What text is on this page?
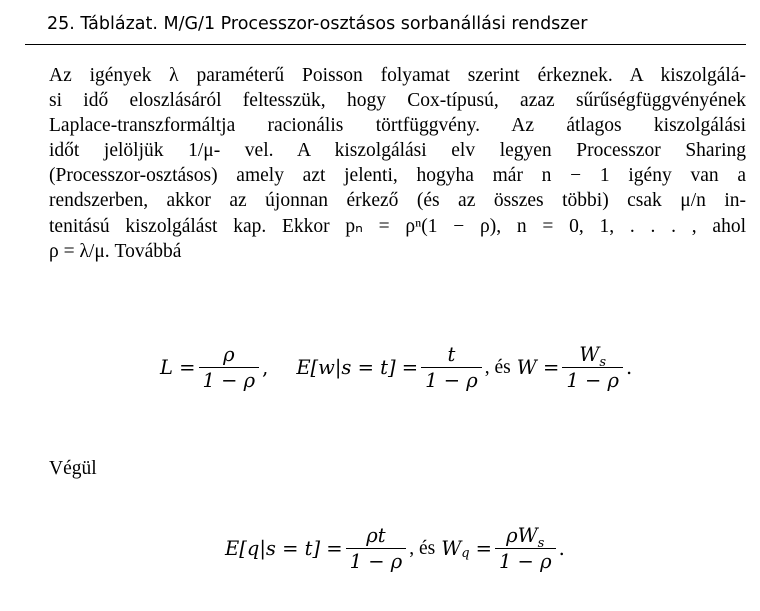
25. Táblázat. M/G/1 Processzor-osztásos sorbanállási rendszer
Az igények λ paraméterű Poisson folyamat szerint érkeznek. A kiszolgálá-
si idő eloszlásáról feltesszük, hogy Cox-típusú, azaz sűrűségfüggvényének
Laplace-transzformáltja racionális törtfüggvény. Az átlagos kiszolgálási
időt jelöljük 1/μ- vel. A kiszolgálási elv legyen Processzor Sharing
(Processzor-osztásos) amely azt jelenti, hogyha már n − 1 igény van a
rendszerben, akkor az újonnan érkező (és az összes többi) csak μ/n in-
tenitású kiszolgálást kap. Ekkor pₙ = ρⁿ(1 − ρ), n = 0, 1, . . . , ahol
ρ = λ/μ. Továbbá
$L = \frac{\rho}{1 - \rho}$ , $E[w|s = t] = \frac{t}{1 - \rho}$ , és $W = \frac{W_s}{1 - \rho}$ .
Végül
$E[q|s = t] = \frac{\rho t}{1 - \rho}$ , és W $q = \frac{\rho W_s}{1 - \rho}$ .
